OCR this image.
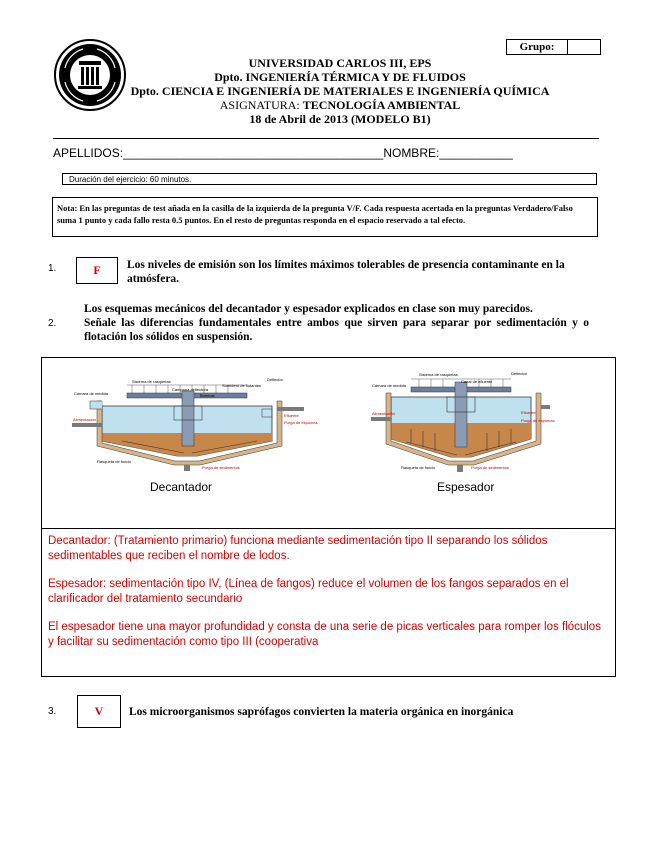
Grupo:
UNIVERSIDAD CARLOS III, EPS
Dpto. INGENIERÍA TÉRMICA Y DE FLUIDOS
Dpto. CIENCIA E INGENIERÍA DE MATERIALES E INGENIERÍA QUÍMICA
ASIGNATURA: TECNOLOGÍA AMBIENTAL
18 de Abril de 2013 (MODELO B1)
APELLIDOS:_______________________________________NOMBRE:___________
Duración del ejercicio: 60 minutos.
Nota: En las preguntas de test añada en la casilla de la izquierda de la pregunta V/F. Cada respuesta acertada en la preguntas Verdadero/Falso suma 1 punto y cada fallo resta 0.5 puntos. En el resto de preguntas responda en el espacio reservado a tal efecto.
1.	F	Los niveles de emisión son los límites máximos tolerables de presencia contaminante en la atmósfera.
Los esquemas mecánicos del decantador y espesador explicados en clase son muy parecidos.
2. Señale las diferencias fundamentales entre ambos que sirven para separar por sedimentación y o flotación los sólidos en suspensión.
Sistema de rasquetas
Campana deflectora
Bombas
Sumidero de flotantes
Deflector
Cámara de medida
Alimentación
Efluente
Purga de espumas
Rasqueta de fondo
Purga de sedimentos
Sistema de rasquetas
Canal de efluente
Deflector
Cámara de medida
Alimentación	Efluente
Purga de espumas
Rasqueta de fondo	Purga de sedimentos
Decantador	Espesador
Decantador: (Tratamiento primario) funciona mediante sedimentación tipo II separando los sólidos sedimentables que reciben el nombre de lodos.
Espesador: sedimentación tipo IV, (Línea de fangos) reduce el volumen de los fangos separados en el clarificador del tratamiento secundario
El espesador tiene una mayor profundidad y consta de una serie de picas verticales para romper los flóculos y facilitar su sedimentación como tipo III (cooperativa
3.	V	Los microorganismos saprófagos convierten la materia orgánica en inorgánica
